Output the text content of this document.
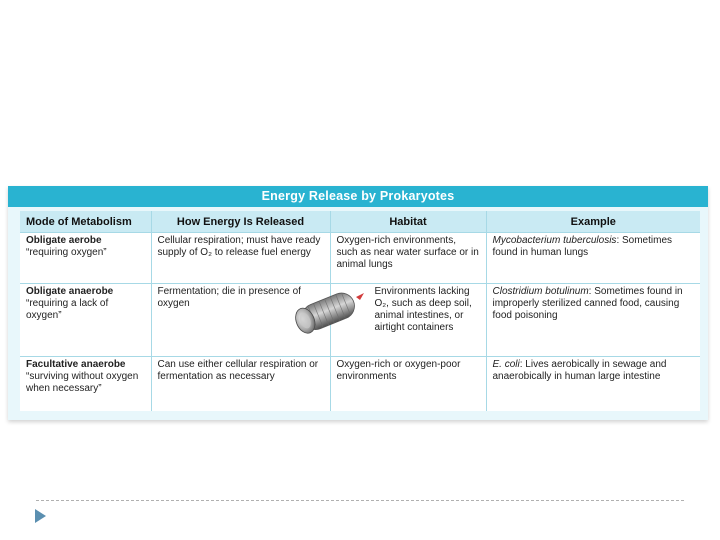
Energy Release by Prokaryotes
Mode of Metabolism	How Energy Is Released	Habitat	Example

Obligate aerobe
“requiring oxygen”	Cellular respiration; must have ready supply of O₂ to release fuel energy	Oxygen-rich environments, such as near water surface or in animal lungs	Mycobacterium tuberculosis: Sometimes found in human lungs

Obligate anaerobe
“requiring a lack of oxygen”	Fermentation; die in presence of oxygen	Environments lacking O₂, such as deep soil, animal intestines, or airtight containers	Clostridium botulinum: Sometimes found in improperly sterilized canned food, causing food poisoning

Facultative anaerobe
“surviving without oxygen when necessary”	Can use either cellular respiration or fermentation as necessary	Oxygen-rich or oxygen-poor environments	E. coli: Lives aerobically in sewage and anaerobically in human large intestine
